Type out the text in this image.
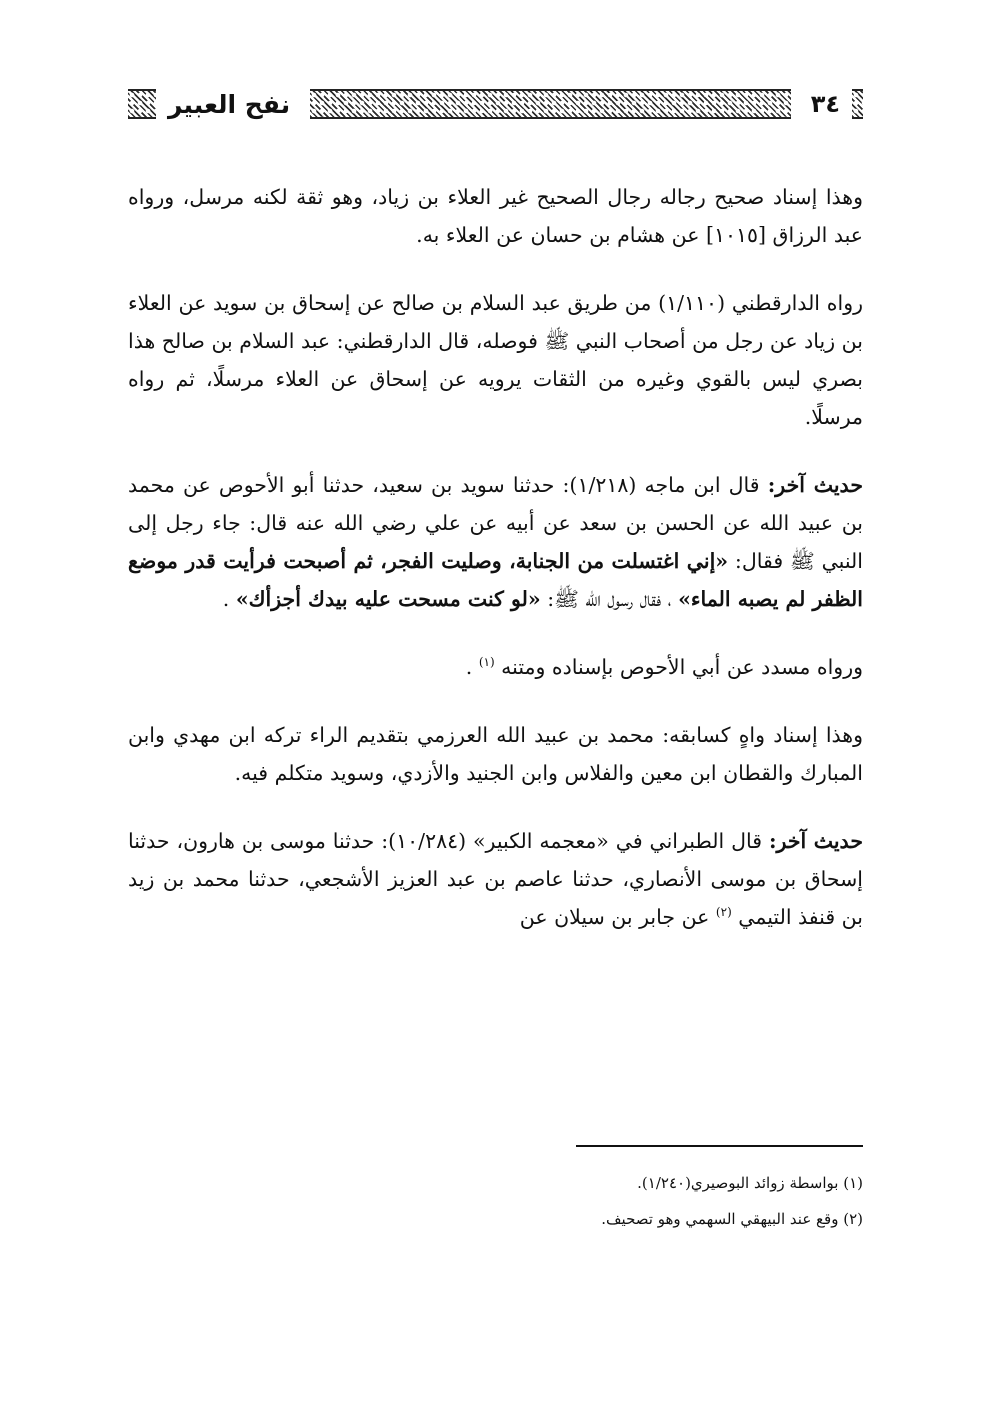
٣٤
نفح العبير

وهذا إسناد صحيح رجاله رجال الصحيح غير العلاء بن زياد، وهو ثقة لكنه مرسل، ورواه عبد الرزاق [١٠١٥] عن هشام بن حسان عن العلاء به.

رواه الدارقطني (١/١١٠) من طريق عبد السلام بن صالح عن إسحاق بن سويد عن العلاء بن زياد عن رجل من أصحاب النبي ﷺ فوصله، قال الدارقطني: عبد السلام بن صالح هذا بصري ليس بالقوي وغيره من الثقات يرويه عن إسحاق عن العلاء مرسلًا، ثم رواه مرسلًا.

حديث آخر: قال ابن ماجه (١/٢١٨): حدثنا سويد بن سعيد، حدثنا أبو الأحوص عن محمد بن عبيد الله عن الحسن بن سعد عن أبيه عن علي رضي الله عنه قال: جاء رجل إلى النبي ﷺ فقال: «إني اغتسلت من الجنابة، وصليت الفجر، ثم أصبحت فرأيت قدر موضع الظفر لم يصبه الماء» ، فقال رسول الله ﷺ: «لو كنت مسحت عليه بيدك أجزأك» .

ورواه مسدد عن أبي الأحوص بإسناده ومتنه $^{(١)}$ .

وهذا إسناد واهٍ كسابقه: محمد بن عبيد الله العرزمي بتقديم الراء تركه ابن مهدي وابن المبارك والقطان ابن معين والفلاس وابن الجنيد والأزدي، وسويد متكلم فيه.

حديث آخر: قال الطبراني في «معجمه الكبير» (١٠/٢٨٤): حدثنا موسى بن هارون، حدثنا إسحاق بن موسى الأنصاري، حدثنا عاصم بن عبد العزيز الأشجعي، حدثنا محمد بن زيد بن قنفذ التيمي $^{(٢)}$ عن جابر بن سيلان عن

(١) بواسطة زوائد البوصيري(١/٢٤٠).
(٢) وقع عند البيهقي السهمي وهو تصحيف.
